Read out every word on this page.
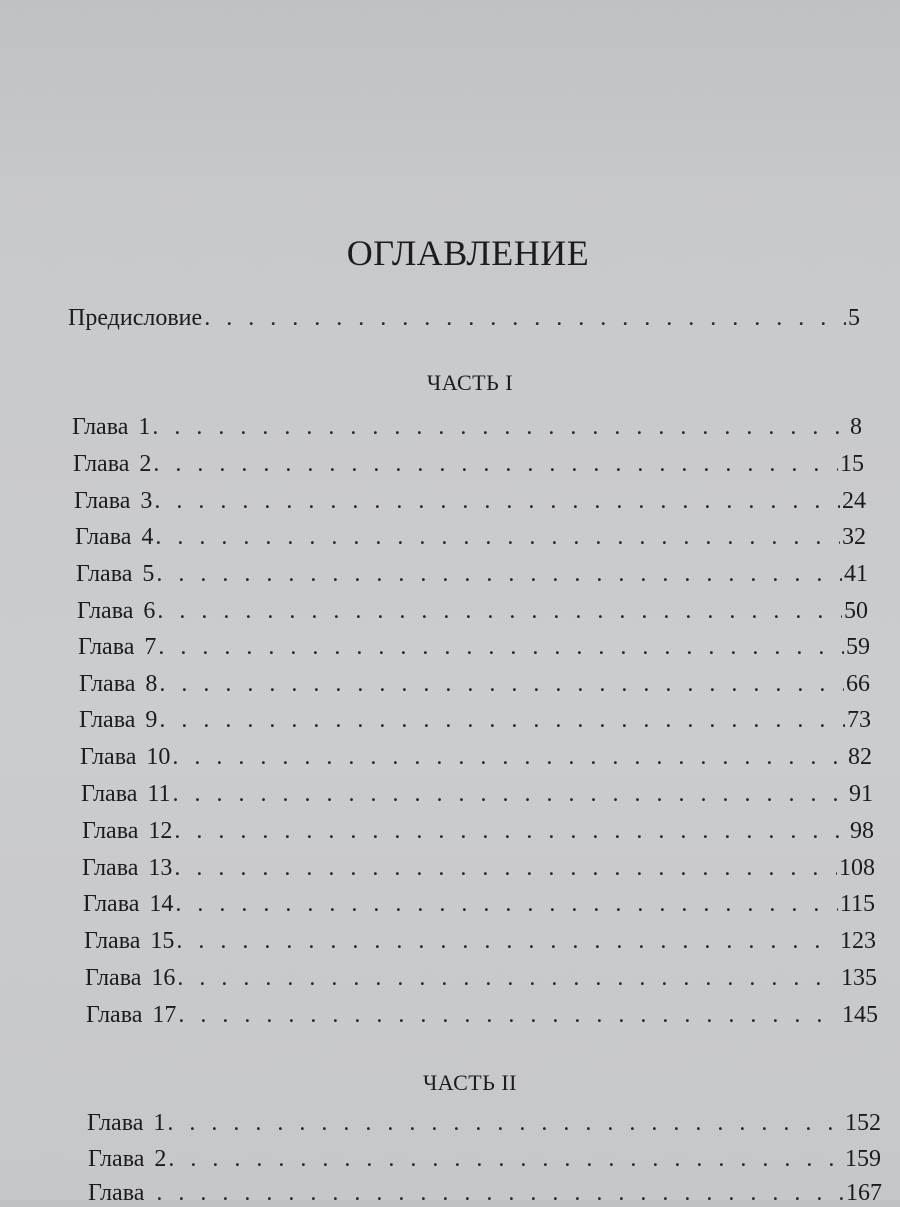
ОГЛАВЛЕНИЕ
Предисловие . . .	5
ЧАСТЬ I
Глава 1 . . .	8
Глава 2 . . .	15
Глава 3 . . .	24
Глава 4 . . .	32
Глава 5 . . .	41
Глава 6 . . .	50
Глава 7 . . .	59
Глава 8 . . .	66
Глава 9 . . .	73
Глава 10 . . .	82
Глава 11 . . .	91
Глава 12 . . .	98
Глава 13 . . .	108
Глава 14 . . .	115
Глава 15 . . .	123
Глава 16 . . .	135
Глава 17 . . .	145
ЧАСТЬ II
Глава 1 . . .	152
Глава 2 . . .	159
Глава . . .	167
